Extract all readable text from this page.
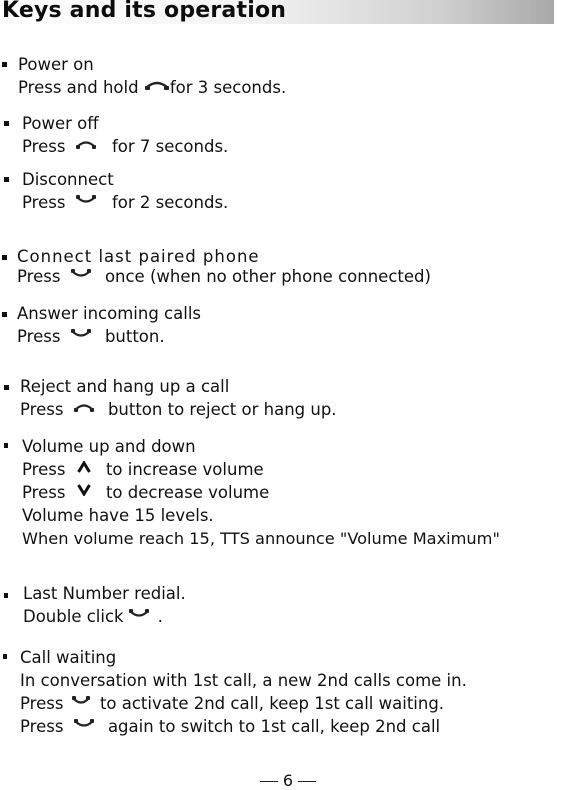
Keys and its operation
Power on
Press and hold for 3 seconds.
Power off
Press	for 7 seconds.
Disconnect
Press	for 2 seconds.
Connect last paired phone
Press	once (when no other phone connected)
Answer incoming calls
Press	button.
Reject and hang up a call
Press	button to reject or hang up.
Volume up and down
Press to increase volume
Press to decrease volume
Volume have 15 levels.
When volume reach 15, TTS announce "Volume Maximum"
Last Number redial.
Double click .
Call waiting
In conversation with 1st call, a new 2nd calls come in.
Press to activate 2nd call, keep 1st call waiting.
Press	again to switch to 1st call, keep 2nd call
6
